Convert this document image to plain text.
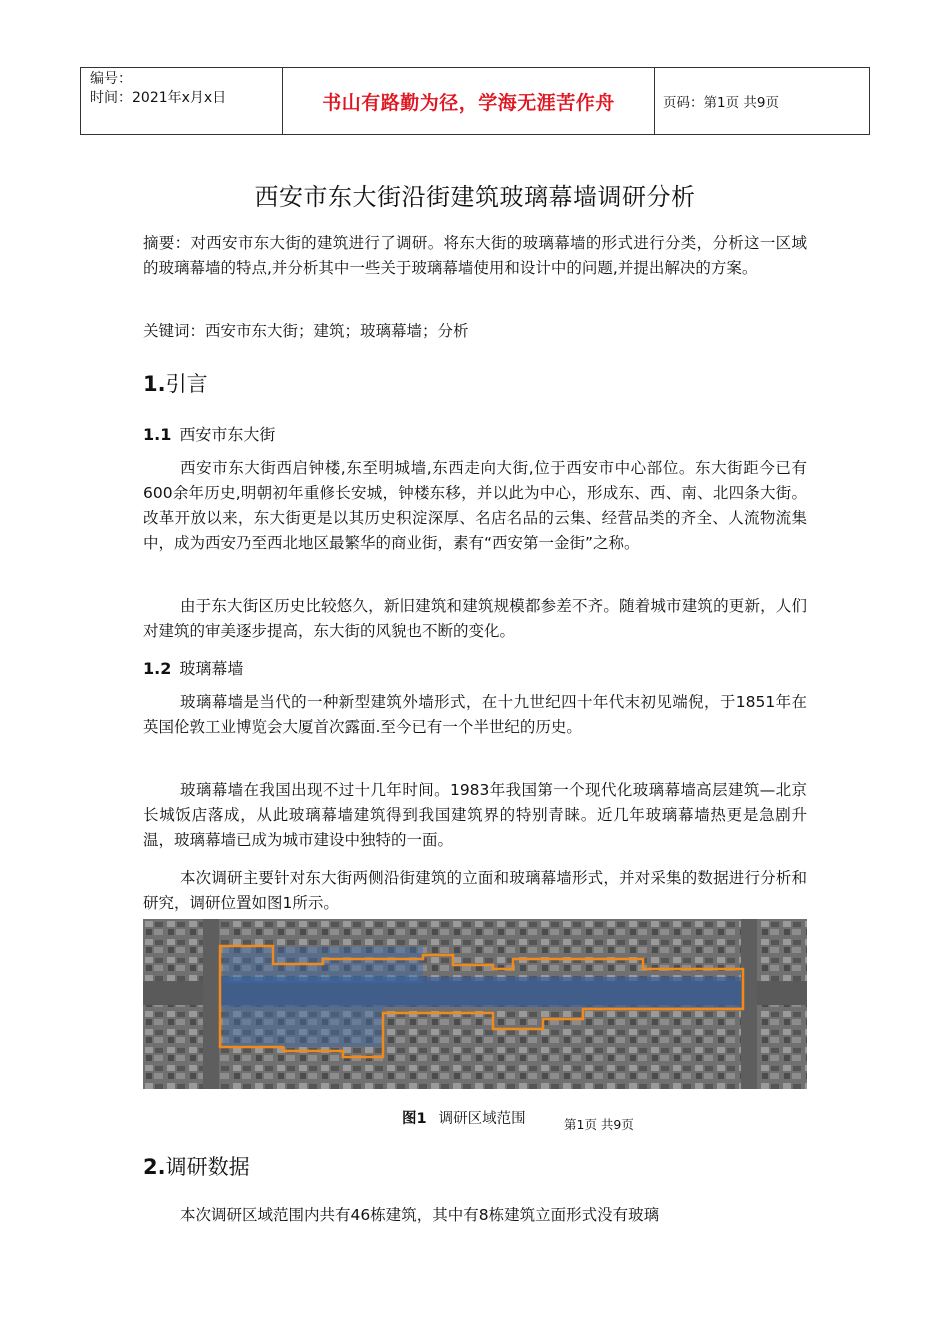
编号：
时间：2021年x月x日	书山有路勤为径，学海无涯苦作舟	页码：第1页 共9页
西安市东大街沿街建筑玻璃幕墙调研分析

摘要：对西安市东大街的建筑进行了调研。将东大街的玻璃幕墙的形式进行分类，分析这一区域的玻璃幕墙的特点,并分析其中一些关于玻璃幕墙使用和设计中的问题,并提出解决的方案。

关键词：西安市东大街；建筑；玻璃幕墙；分析

1.引言
1.1 西安市东大街

西安市东大街西启钟楼,东至明城墙,东西走向大街,位于西安市中心部位。东大街距今已有600余年历史,明朝初年重修长安城，钟楼东移，并以此为中心，形成东、西、南、北四条大街。改革开放以来，东大街更是以其历史积淀深厚、名店名品的云集、经营品类的齐全、人流物流集中，成为西安乃至西北地区最繁华的商业街，素有“西安第一金街”之称。

由于东大街区历史比较悠久，新旧建筑和建筑规模都参差不齐。随着城市建筑的更新，人们对建筑的审美逐步提高，东大街的风貌也不断的变化。

1.2 玻璃幕墙

玻璃幕墙是当代的一种新型建筑外墙形式，在十九世纪四十年代末初见端倪，于1851年在英国伦敦工业博览会大厦首次露面.至今已有一个半世纪的历史。

玻璃幕墙在我国出现不过十几年时间。1983年我国第一个现代化玻璃幕墙高层建筑—北京长城饭店落成，从此玻璃幕墙建筑得到我国建筑界的特别青睐。近几年玻璃幕墙热更是急剧升温，玻璃幕墙已成为城市建设中独特的一面。

本次调研主要针对东大街两侧沿街建筑的立面和玻璃幕墙形式，并对采集的数据进行分析和研究，调研位置如图1所示。

图1 调研区域范围	第1页 共9页
2.调研数据

本次调研区域范围内共有46栋建筑，其中有8栋建筑立面形式没有玻璃
